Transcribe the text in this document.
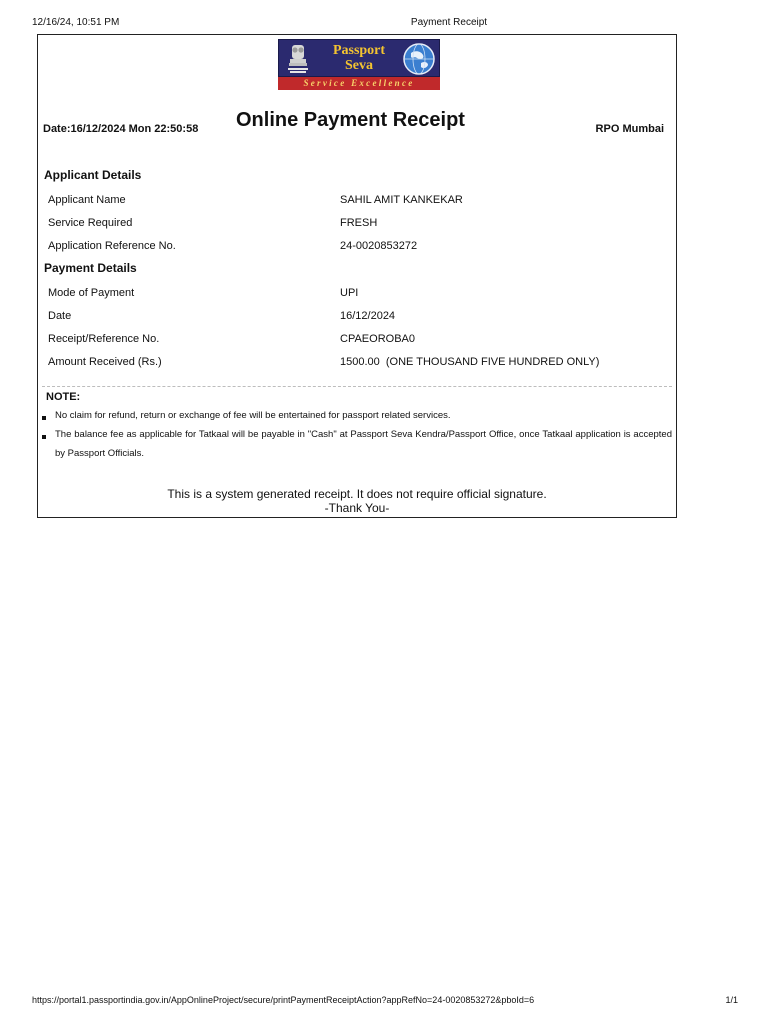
12/16/24, 10:51 PM	Payment Receipt
Passport
Seva
Service Excellence
Date:16/12/2024 Mon 22:50:58 Online Payment Receipt	RPO Mumbai
Applicant Details
Applicant Name	SAHIL AMIT KANKEKAR
Service Required	FRESH
Application Reference No.	24-0020853272
Payment Details
Mode of Payment	UPI
Date	16/12/2024
Receipt/Reference No.	CPAEOROBA0
Amount Received (Rs.)	1500.00  (ONE THOUSAND FIVE HUNDRED ONLY)
NOTE:
No claim for refund, return or exchange of fee will be entertained for passport related services.
The balance fee as applicable for Tatkaal will be payable in "Cash" at Passport Seva Kendra/Passport Office, once Tatkaal application is accepted by Passport Officials.
This is a system generated receipt. It does not require official signature.
-Thank You-
https://portal1.passportindia.gov.in/AppOnlineProject/secure/printPaymentReceiptAction?appRefNo=24-0020853272&pboId=6	1/1
